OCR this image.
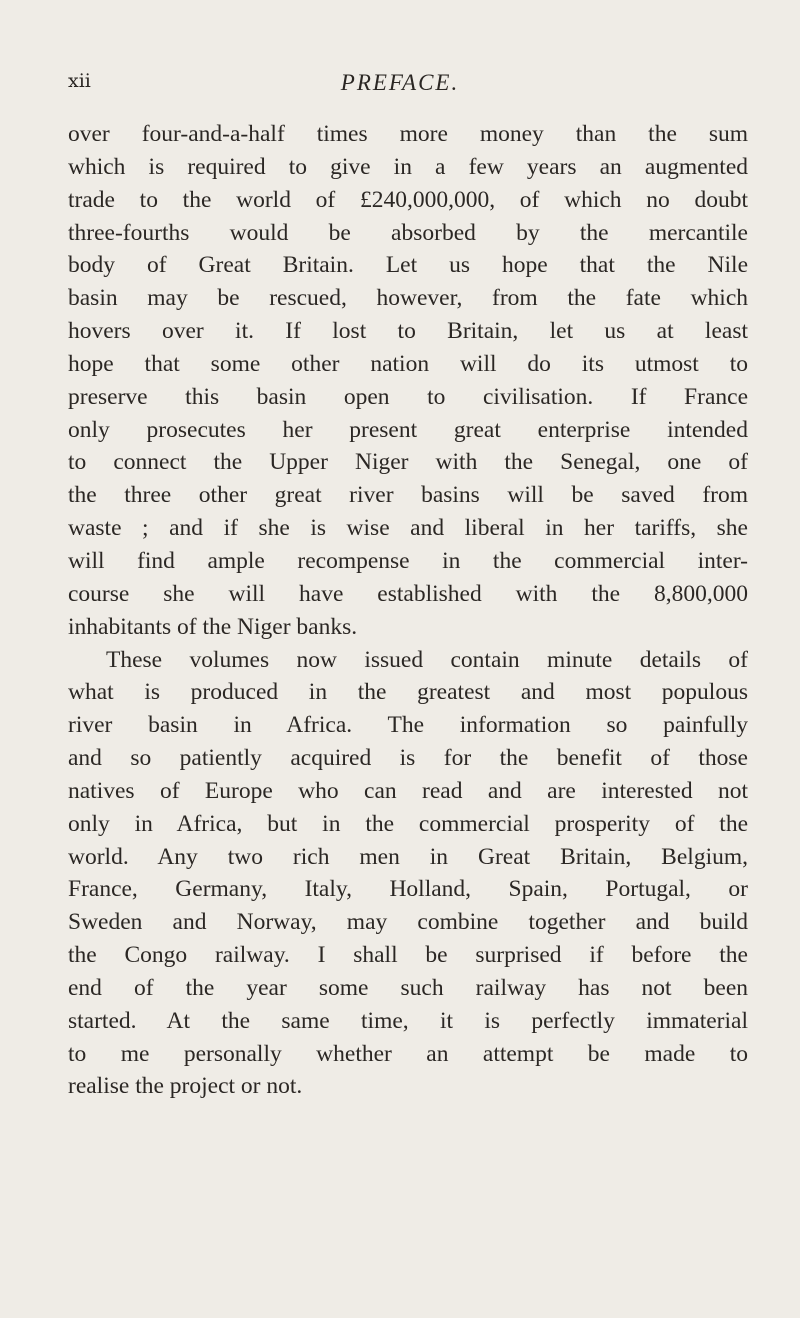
xii	PREFACE.
over four-and-a-half times more money than the sum
which is required to give in a few years an augmented
trade to the world of £240,000,000, of which no doubt
three-fourths would be absorbed by the mercantile
body of Great Britain. Let us hope that the Nile
basin may be rescued, however, from the fate which
hovers over it. If lost to Britain, let us at least
hope that some other nation will do its utmost to
preserve this basin open to civilisation. If France
only prosecutes her present great enterprise intended
to connect the Upper Niger with the Senegal, one of
the three other great river basins will be saved from
waste ; and if she is wise and liberal in her tariffs, she
will find ample recompense in the commercial inter-
course she will have established with the 8,800,000
inhabitants of the Niger banks.
These volumes now issued contain minute details of
what is produced in the greatest and most populous
river basin in Africa. The information so painfully
and so patiently acquired is for the benefit of those
natives of Europe who can read and are interested not
only in Africa, but in the commercial prosperity of the
world. Any two rich men in Great Britain, Belgium,
France, Germany, Italy, Holland, Spain, Portugal, or
Sweden and Norway, may combine together and build
the Congo railway. I shall be surprised if before the
end of the year some such railway has not been
started. At the same time, it is perfectly immaterial
to me personally whether an attempt be made to
realise the project or not.
